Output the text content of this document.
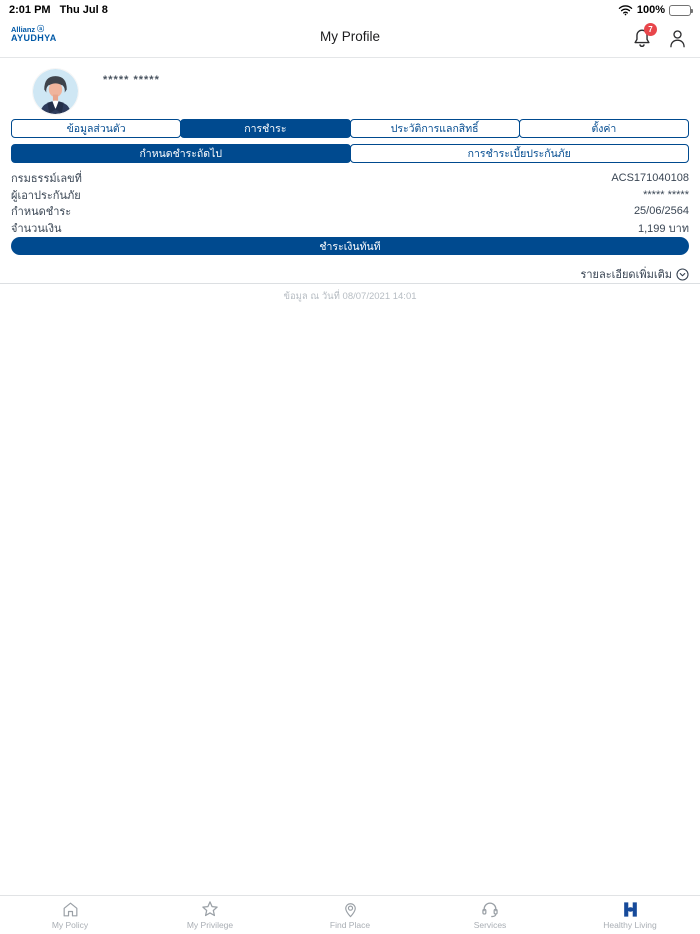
2:01 PM Thu Jul 8	100%
Allianz ⓐ
AYUDHYA	My Profile	7
***** *****
ข้อมูลส่วนตัว	การชำระ	ประวัติการแลกสิทธิ์	ตั้งค่า
กำหนดชำระถัดไป	การชำระเบี้ยประกันภัย
กรมธรรม์เลขที่	ACS171040108
ผู้เอาประกันภัย	***** *****
กำหนดชำระ	25/06/2564
จำนวนเงิน	1,199 บาท
ชำระเงินทันที
รายละเอียดเพิ่มเติม
ข้อมูล ณ วันที่ 08/07/2021 14:01
My Policy	My Privilege	Find Place	Services	Healthy Living
